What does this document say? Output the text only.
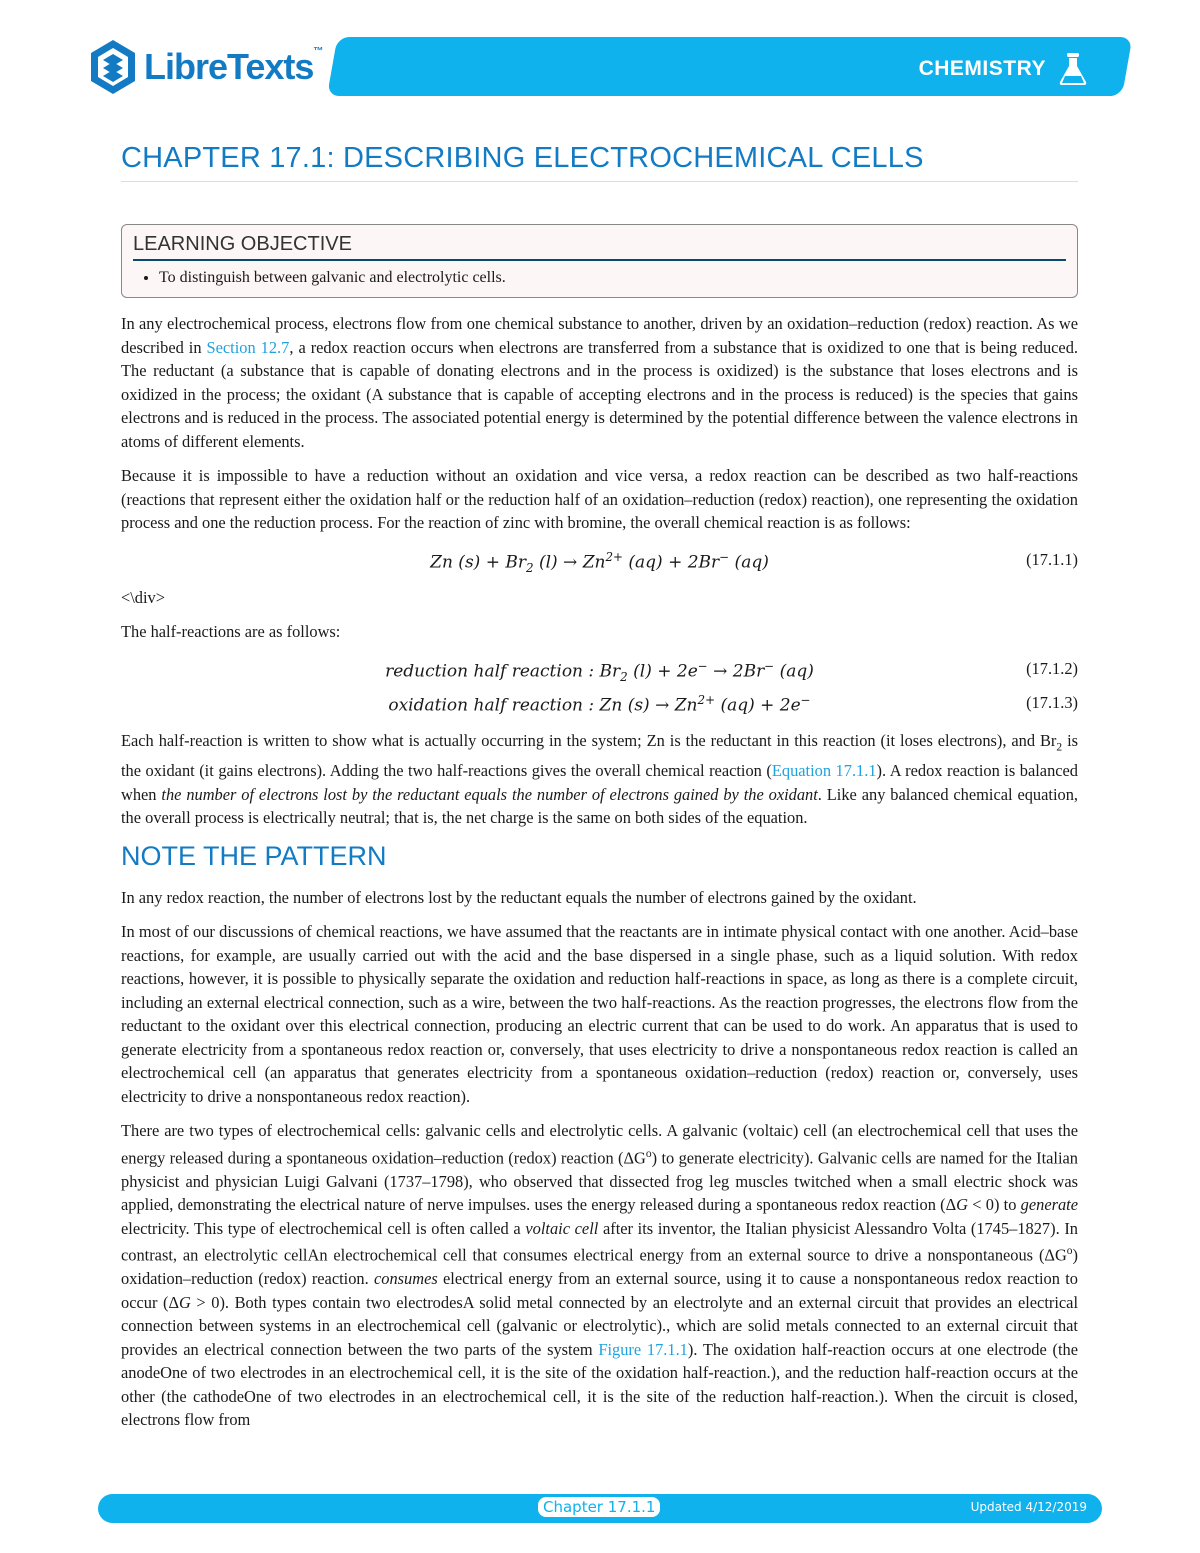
LibreTexts™
CHEMISTRY
CHAPTER 17.1: DESCRIBING ELECTROCHEMICAL CELLS
LEARNING OBJECTIVE
• To distinguish between galvanic and electrolytic cells.

In any electrochemical process, electrons flow from one chemical substance to another, driven by an oxidation–reduction (redox) reaction. As we described in Section 12.7, a redox reaction occurs when electrons are transferred from a substance that is oxidized to one that is being reduced. The reductant (a substance that is capable of donating electrons and in the process is oxidized) is the substance that loses electrons and is oxidized in the process; the oxidant (A substance that is capable of accepting electrons and in the process is reduced) is the species that gains electrons and is reduced in the process. The associated potential energy is determined by the potential difference between the valence electrons in atoms of different elements.

Because it is impossible to have a reduction without an oxidation and vice versa, a redox reaction can be described as two half-reactions (reactions that represent either the oxidation half or the reduction half of an oxidation–reduction (redox) reaction), one representing the oxidation process and one the reduction process. For the reaction of zinc with bromine, the overall chemical reaction is as follows:

Zn $(s) + Br_2$ $(l) \to Zn^{2+}$ (aq) + 2Br− (aq)	(17.1.1)

<\div>

The half-reactions are as follows:

reduction half reaction : $Br_2$ (l) + 2e− → 2Br− (aq)	(17.1.2)
oxidation half reaction : Zn $(s) \to Zn^{2+}$ (aq) + 2e−	(17.1.3)

Each half-reaction is written to show what is actually occurring in the system; Zn is the reductant in this reaction (it loses electrons), and $Br_2$ is the oxidant (it gains electrons). Adding the two half-reactions gives the overall chemical reaction (Equation 17.1.1). A redox reaction is balanced when the number of electrons lost by the reductant equals the number of electrons gained by the oxidant. Like any balanced chemical equation, the overall process is electrically neutral; that is, the net charge is the same on both sides of the equation.

NOTE THE PATTERN

In any redox reaction, the number of electrons lost by the reductant equals the number of electrons gained by the oxidant.

In most of our discussions of chemical reactions, we have assumed that the reactants are in intimate physical contact with one another. Acid–base reactions, for example, are usually carried out with the acid and the base dispersed in a single phase, such as a liquid solution. With redox reactions, however, it is possible to physically separate the oxidation and reduction half-reactions in space, as long as there is a complete circuit, including an external electrical connection, such as a wire, between the two half-reactions. As the reaction progresses, the electrons flow from the reductant to the oxidant over this electrical connection, producing an electric current that can be used to do work. An apparatus that is used to generate electricity from a spontaneous redox reaction or, conversely, that uses electricity to drive a nonspontaneous redox reaction is called an electrochemical cell (an apparatus that generates electricity from a spontaneous oxidation–reduction (redox) reaction or, conversely, uses electricity to drive a nonspontaneous redox reaction).

There are two types of electrochemical cells: galvanic cells and electrolytic cells. A galvanic (voltaic) cell (an electrochemical cell that uses the energy released during a spontaneous oxidation–reduction (redox) reaction $(\Delta G^o)$ to generate electricity). Galvanic cells are named for the Italian physicist and physician Luigi Galvani (1737–1798), who observed that dissected frog leg muscles twitched when a small electric shock was applied, demonstrating the electrical nature of nerve impulses. uses the energy released during a spontaneous redox reaction (ΔG < 0) to generate electricity. This type of electrochemical cell is often called a voltaic cell after its inventor, the Italian physicist Alessandro Volta (1745–1827). In contrast, an electrolytic cellAn electrochemical cell that consumes electrical energy from an external source to drive a nonspontaneous $(\Delta G^o)$ oxidation–reduction (redox) reaction. consumes electrical energy from an external source, using it to cause a nonspontaneous redox reaction to occur (ΔG > 0). Both types contain two electrodesA solid metal connected by an electrolyte and an external circuit that provides an electrical connection between systems in an electrochemical cell (galvanic or electrolytic)., which are solid metals connected to an external circuit that provides an electrical connection between the two parts of the system Figure 17.1.1). The oxidation half-reaction occurs at one electrode (the anodeOne of two electrodes in an electrochemical cell, it is the site of the oxidation half-reaction.), and the reduction half-reaction occurs at the other (the cathodeOne of two electrodes in an electrochemical cell, it is the site of the reduction half-reaction.). When the circuit is closed, electrons flow from

Chapter 17.1.1	Updated 4/12/2019
